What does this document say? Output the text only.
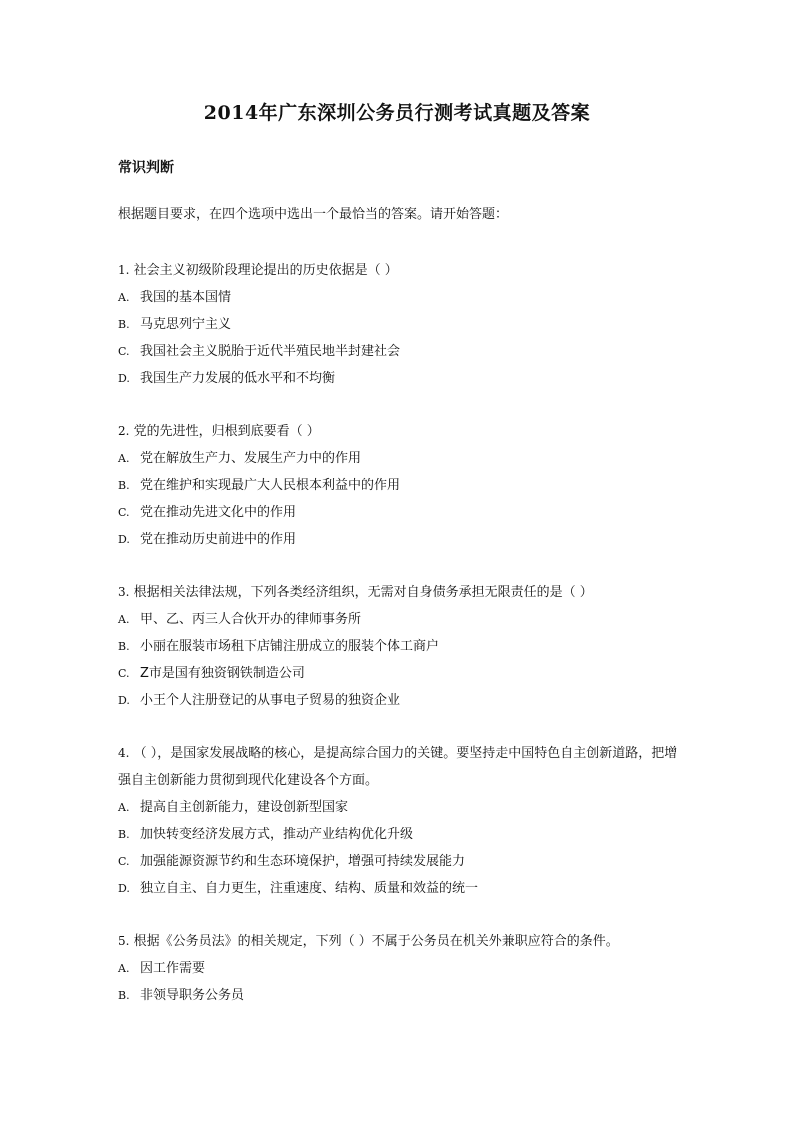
2014年广东深圳公务员行测考试真题及答案
常识判断

根据题目要求，在四个选项中选出一个最恰当的答案。请开始答题：

1. 社会主义初级阶段理论提出的历史依据是（ ）

A. 我国的基本国情

B. 马克思列宁主义

C. 我国社会主义脱胎于近代半殖民地半封建社会

D. 我国生产力发展的低水平和不均衡

2. 党的先进性，归根到底要看（ ）

A. 党在解放生产力、发展生产力中的作用

B. 党在维护和实现最广大人民根本利益中的作用

C. 党在推动先进文化中的作用

D. 党在推动历史前进中的作用

3. 根据相关法律法规，下列各类经济组织，无需对自身债务承担无限责任的是（ ）

A. 甲、乙、丙三人合伙开办的律师事务所

B. 小丽在服装市场租下店铺注册成立的服装个体工商户

C. Z市是国有独资钢铁制造公司

D. 小王个人注册登记的从事电子贸易的独资企业

4. （ ），是国家发展战略的核心，是提高综合国力的关键。要坚持走中国特色自主创新道路，把增强自主创新能力贯彻到现代化建设各个方面。

A. 提高自主创新能力，建设创新型国家

B. 加快转变经济发展方式，推动产业结构优化升级

C. 加强能源资源节约和生态环境保护，增强可持续发展能力

D. 独立自主、自力更生，注重速度、结构、质量和效益的统一

5. 根据《公务员法》的相关规定，下列（ ）不属于公务员在机关外兼职应符合的条件。

A. 因工作需要

B. 非领导职务公务员
